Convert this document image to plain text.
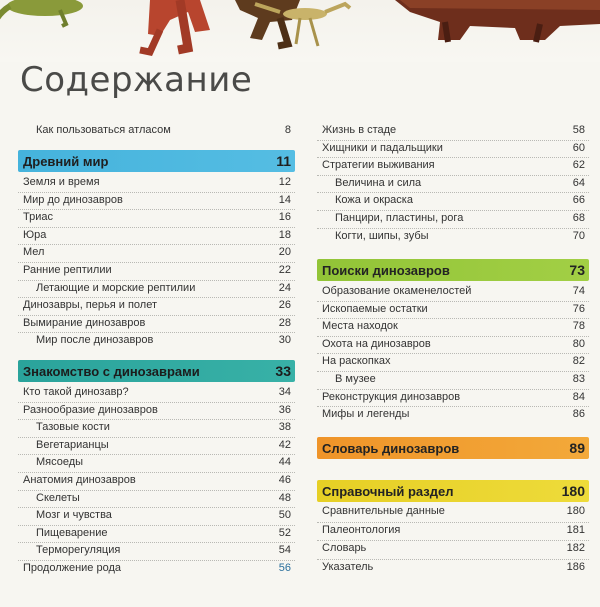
Содержание
Как пользоваться атласом	8
Древний мир	11
Земля и время	12
Мир до динозавров	14
Триас	16
Юра	18
Мел	20
Ранние рептилии	22
Летающие и морские рептилии	24
Динозавры, перья и полет	26
Вымирание динозавров	28
Мир после динозавров	30
Знакомство с динозаврами	33
Кто такой динозавр?	34
Разнообразие динозавров	36
Тазовые кости	38
Вегетарианцы	42
Мясоеды	44
Анатомия динозавров	46
Скелеты	48
Мозг и чувства	50
Пищеварение	52
Терморегуляция	54
Продолжение рода	56
Жизнь в стаде	58
Хищники и падальщики	60
Стратегии выживания	62
Величина и сила	64
Кожа и окраска	66
Панцири, пластины, рога	68
Когти, шипы, зубы	70
Поиски динозавров	73
Образование окаменелостей	74
Ископаемые остатки	76
Места находок	78
Охота на динозавров	80
На раскопках	82
В музее	83
Реконструкция динозавров	84
Мифы и легенды	86
Словарь динозавров	89
Справочный раздел	180
Сравнительные данные	180
Палеонтология	181
Словарь	182
Указатель	186
